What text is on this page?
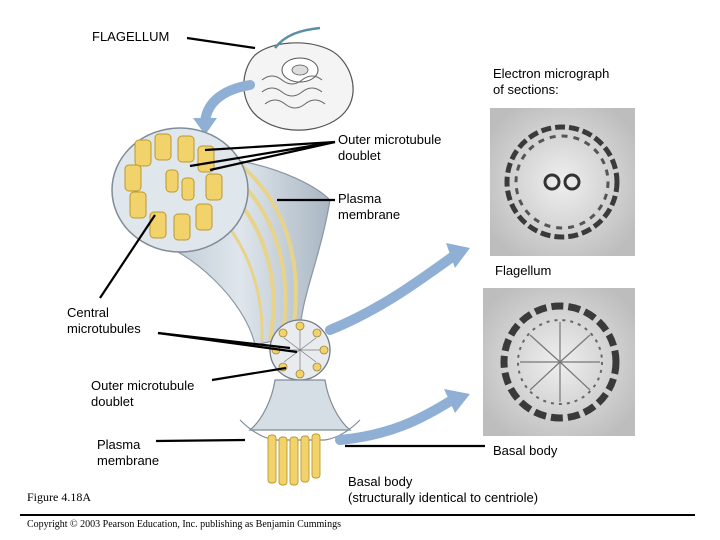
FLAGELLUM
Electron micrograph
of sections:
Outer microtubule
doublet
Plasma
membrane
Flagellum
Central
microtubules
Outer microtubule
doublet
Plasma
membrane
Basal body
Basal body
(structurally identical to centriole)
Figure 4.18A
Copyright © 2003 Pearson Education, Inc. publishing as Benjamin Cummings
